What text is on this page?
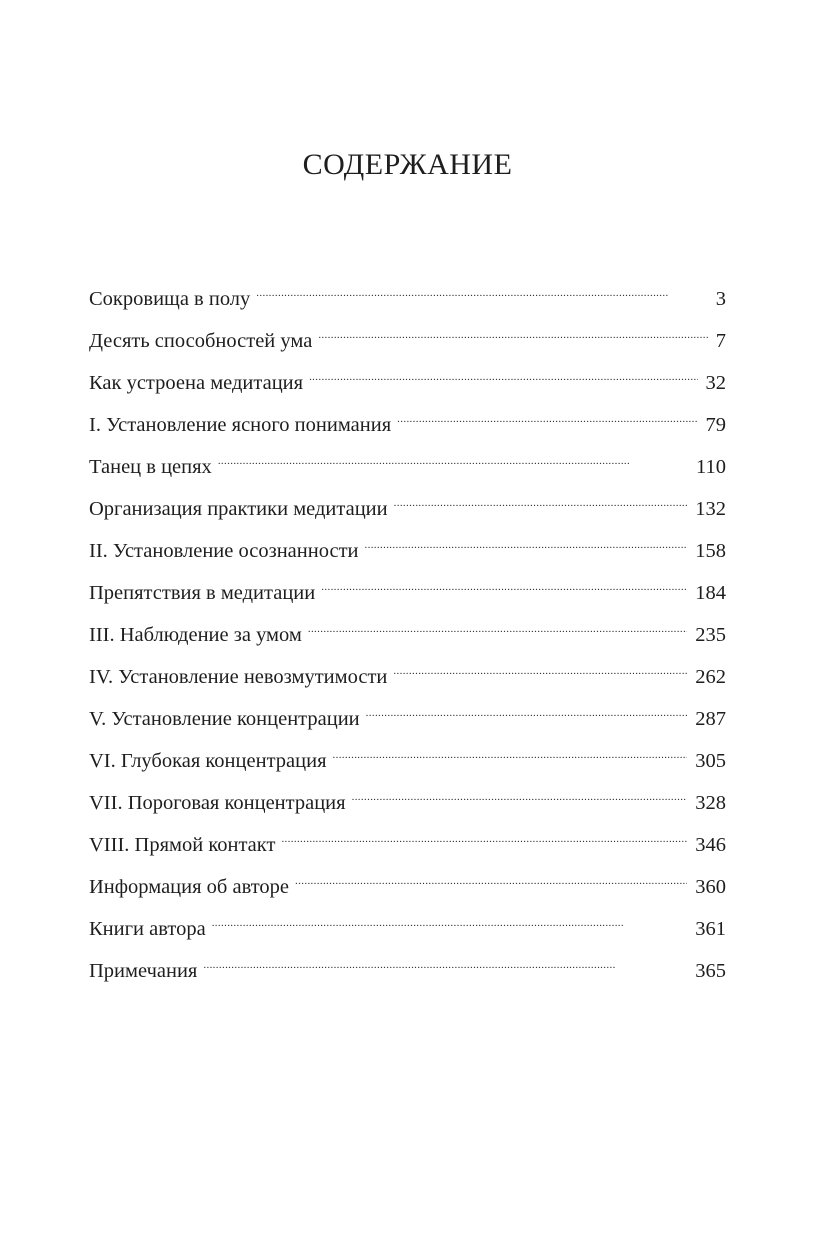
СОДЕРЖАНИЕ
Сокровища в полу . . .	3
Десять способностей ума . . .	7
Как устроена медитация . . .	32
I. Установление ясного понимания . . .	79
Танец в цепях . . .	110
Организация практики медитации . . .	132
II. Установление осознанности . . .	158
Препятствия в медитации . . .	184
III. Наблюдение за умом . . .	235
IV. Установление невозмутимости . . .	262
V. Установление концентрации . . .	287
VI. Глубокая концентрация . . .	305
VII. Пороговая концентрация . . .	328
VIII. Прямой контакт . . .	346
Информация об авторе . . .	360
Книги автора . . .	361
Примечания . . .	365
